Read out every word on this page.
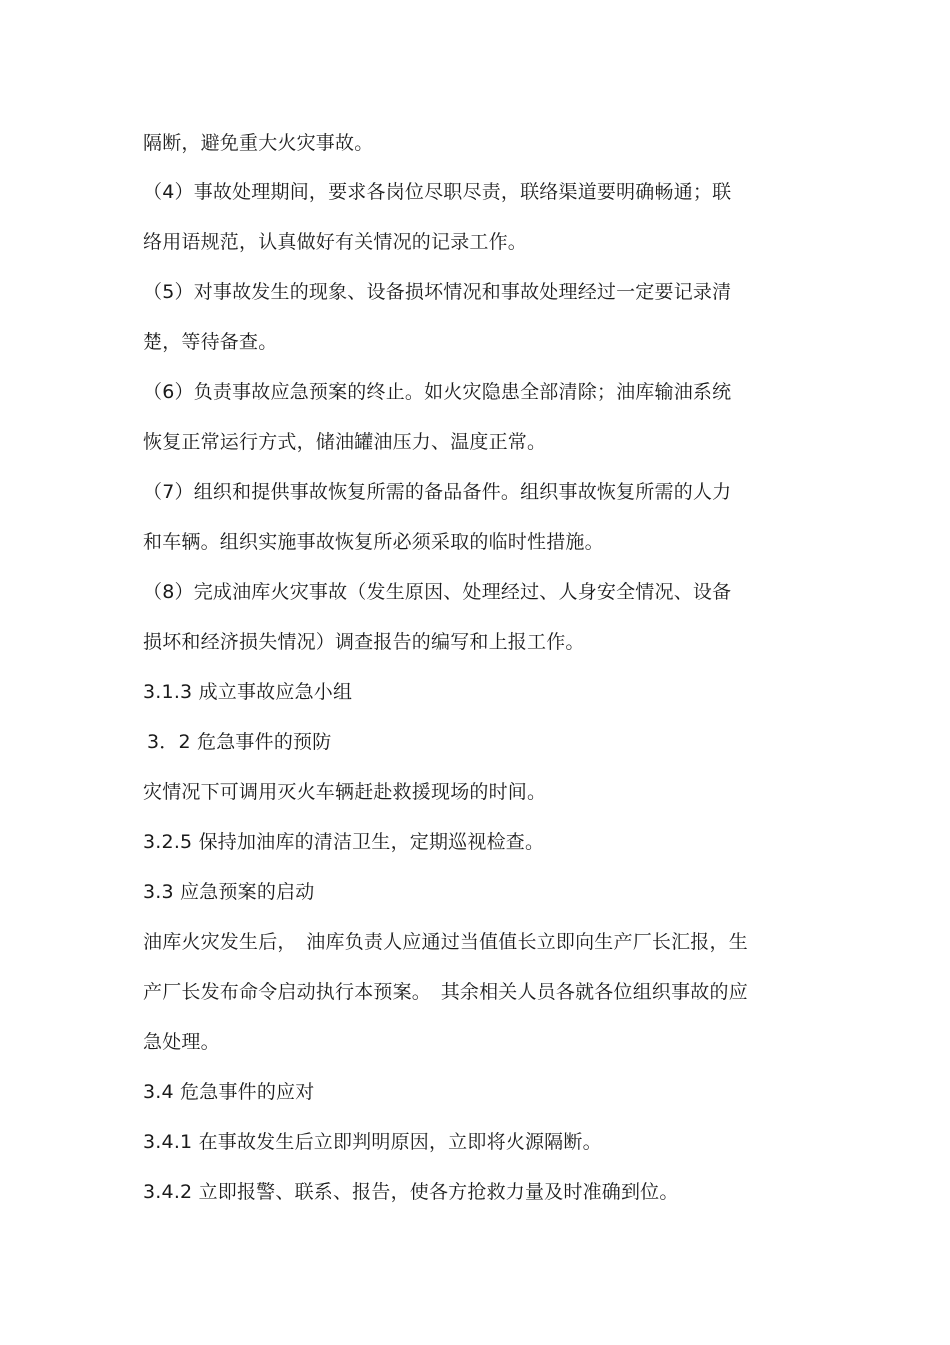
隔断，避免重大火灾事故。
（4）事故处理期间，要求各岗位尽职尽责，联络渠道要明确畅通；联
络用语规范，认真做好有关情况的记录工作。
（5）对事故发生的现象、设备损坏情况和事故处理经过一定要记录清
楚，等待备查。
（6）负责事故应急预案的终止。如火灾隐患全部清除；油库输油系统
恢复正常运行方式，储油罐油压力、温度正常。
（7）组织和提供事故恢复所需的备品备件。组织事故恢复所需的人力
和车辆。组织实施事故恢复所必须采取的临时性措施。
（8）完成油库火灾事故（发生原因、处理经过、人身安全情况、设备
损坏和经济损失情况）调查报告的编写和上报工作。
3.1.3 成立事故应急小组
3．2 危急事件的预防
灾情况下可调用灭火车辆赶赴救援现场的时间。
3.2.5 保持加油库的清洁卫生，定期巡视检查。
3.3 应急预案的启动
油库火灾发生后，　油库负责人应通过当值值长立即向生产厂长汇报，生
产厂长发布命令启动执行本预案。　其余相关人员各就各位组织事故的应
急处理。
3.4 危急事件的应对
3.4.1 在事故发生后立即判明原因，立即将火源隔断。
3.4.2 立即报警、联系、报告，使各方抢救力量及时准确到位。
